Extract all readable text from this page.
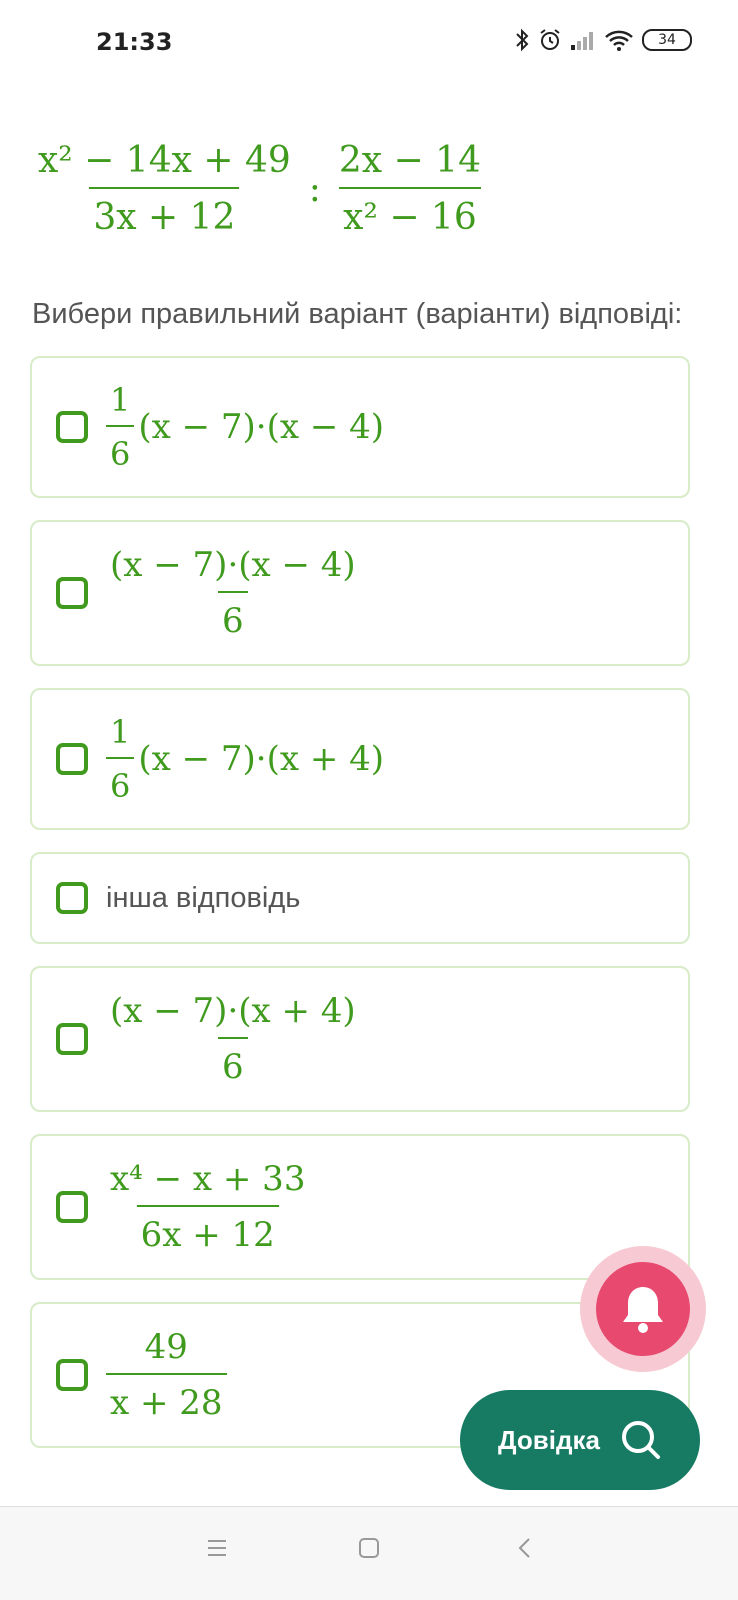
21:33	34
$\frac{\text{x² − 14x + 49}}{3x + 12}$ : $\frac{2x - 14}{\text{x² − 16}}$
Вибери правильний варіант (варіанти) відповіді:
$\frac{1}{6} (x - 7)\cdot(x - 4)$
$\frac{(x - 7)\cdot(x - 4)}{6}$
$\frac{1}{6} (x - 7)\cdot(x + 4)$
інша відповідь
$\frac{(x - 7)\cdot(x + 4)}{6}$
$\frac{\text{x⁴ − x + 33}}{6x + 12}$
$\frac{49}{x + 28}$
Довідка
